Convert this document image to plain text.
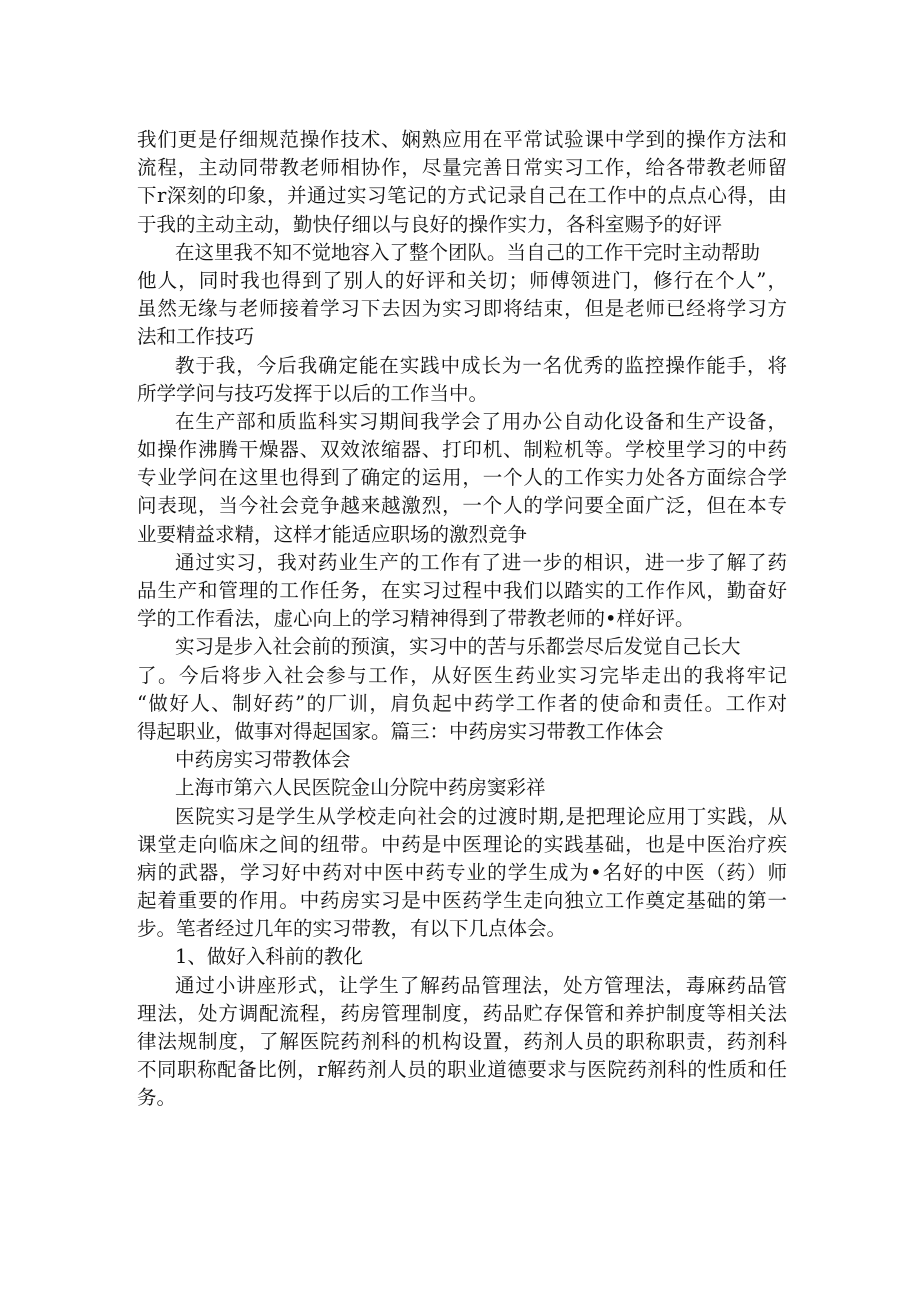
我们更是仔细规范操作技术、娴熟应用在平常试验课中学到的操作方法和
流程，主动同带教老师相协作，尽量完善日常实习工作，给各带教老师留
下r深刻的印象，并通过实习笔记的方式记录自己在工作中的点点心得，由
于我的主动主动，勤快仔细以与良好的操作实力，各科室赐予的好评
在这里我不知不觉地容入了整个团队。当自己的工作干完时主动帮助
他人，同时我也得到了别人的好评和关切；师傅领进门，修行在个人”，
虽然无缘与老师接着学习下去因为实习即将结束，但是老师已经将学习方
法和工作技巧
教于我，今后我确定能在实践中成长为一名优秀的监控操作能手，将
所学学问与技巧发挥于以后的工作当中。
在生产部和质监科实习期间我学会了用办公自动化设备和生产设备，
如操作沸腾干燥器、双效浓缩器、打印机、制粒机等。学校里学习的中药
专业学问在这里也得到了确定的运用，一个人的工作实力处各方面综合学
问表现，当今社会竞争越来越激烈，一个人的学问要全面广泛，但在本专
业要精益求精，这样才能适应职场的激烈竞争
通过实习，我对药业生产的工作有了进一步的相识，进一步了解了药
品生产和管理的工作任务，在实习过程中我们以踏实的工作作风，勤奋好
学的工作看法，虚心向上的学习精神得到了带教老师的•样好评。
实习是步入社会前的预演，实习中的苦与乐都尝尽后发觉自己长大
了。今后将步入社会参与工作，从好医生药业实习完毕走出的我将牢记
“做好人、制好药”的厂训，肩负起中药学工作者的使命和责任。工作对
得起职业，做事对得起国家。篇三：中药房实习带教工作体会
中药房实习带教体会
上海市第六人民医院金山分院中药房窦彩祥
医院实习是学生从学校走向社会的过渡时期,是把理论应用丁实践，从
课堂走向临床之间的纽带。中药是中医理论的实践基础，也是中医治疗疾
病的武器，学习好中药对中医中药专业的学生成为•名好的中医（药）师
起着重要的作用。中药房实习是中医药学生走向独立工作奠定基础的第一
步。笔者经过几年的实习带教，有以下几点体会。
1、做好入科前的教化
通过小讲座形式，让学生了解药品管理法，处方管理法，毒麻药品管
理法，处方调配流程，药房管理制度，药品贮存保管和养护制度等相关法
律法规制度，了解医院药剂科的机构设置，药剂人员的职称职责，药剂科
不同职称配备比例，r解药剂人员的职业道德要求与医院药剂科的性质和任
务。
